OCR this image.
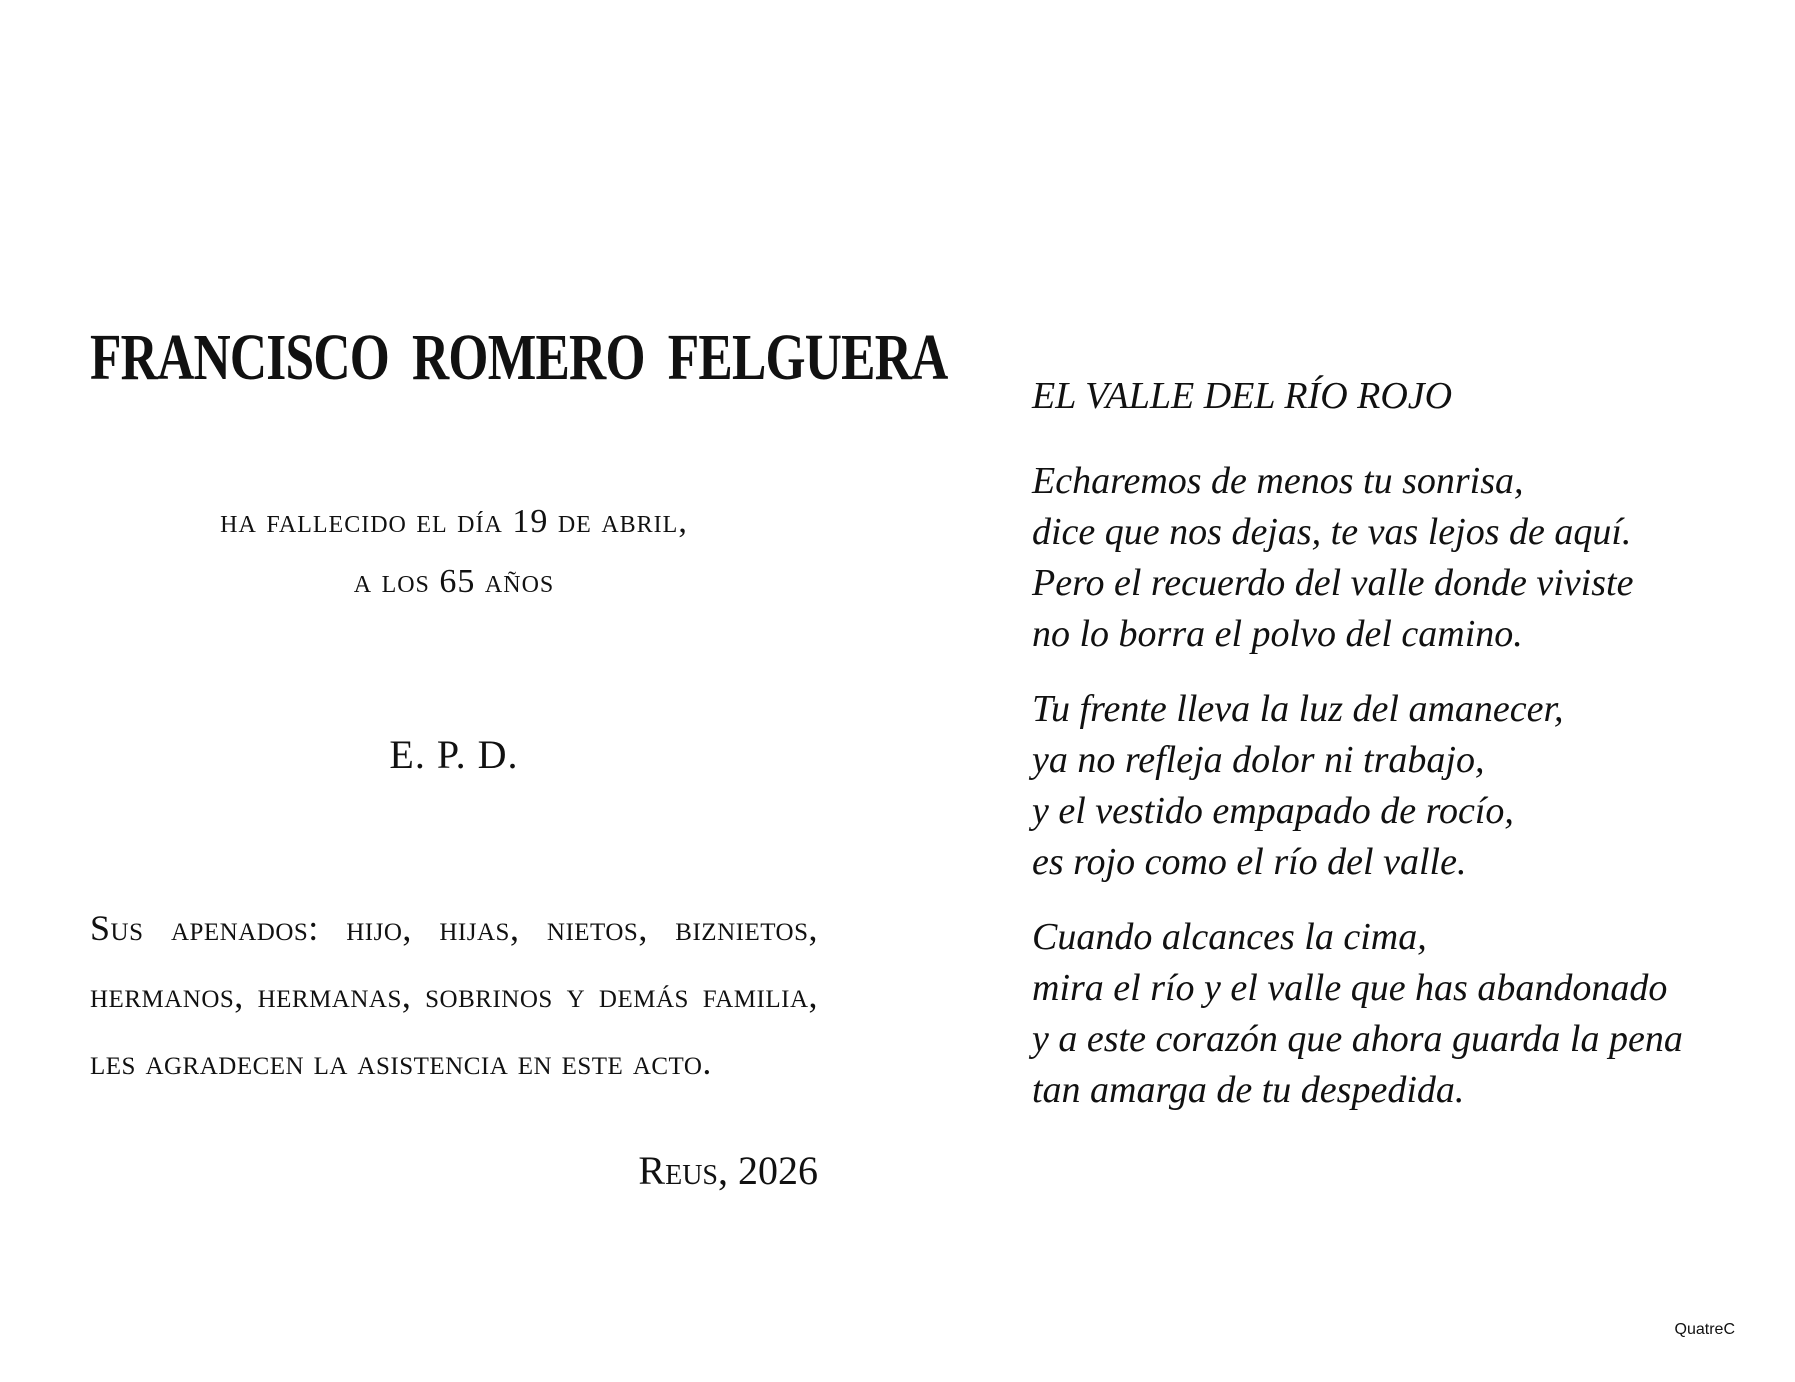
FRANCISCO ROMERO FELGUERA
ha fallecido el día 19 de abril,
a los 65 años
E. P. D.
Sus apenados: hijo, hijas, nietos, biznietos, hermanos, hermanas, sobrinos y demás familia, les agradecen la asistencia en este acto.
Reus, 2026
EL VALLE DEL RÍO ROJO
Echaremos de menos tu sonrisa,
dice que nos dejas, te vas lejos de aquí.
Pero el recuerdo del valle donde viviste
no lo borra el polvo del camino.
Tu frente lleva la luz del amanecer,
ya no refleja dolor ni trabajo,
y el vestido empapado de rocío,
es rojo como el río del valle.
Cuando alcances la cima,
mira el río y el valle que has abandonado
y a este corazón que ahora guarda la pena
tan amarga de tu despedida.
QuatreC
